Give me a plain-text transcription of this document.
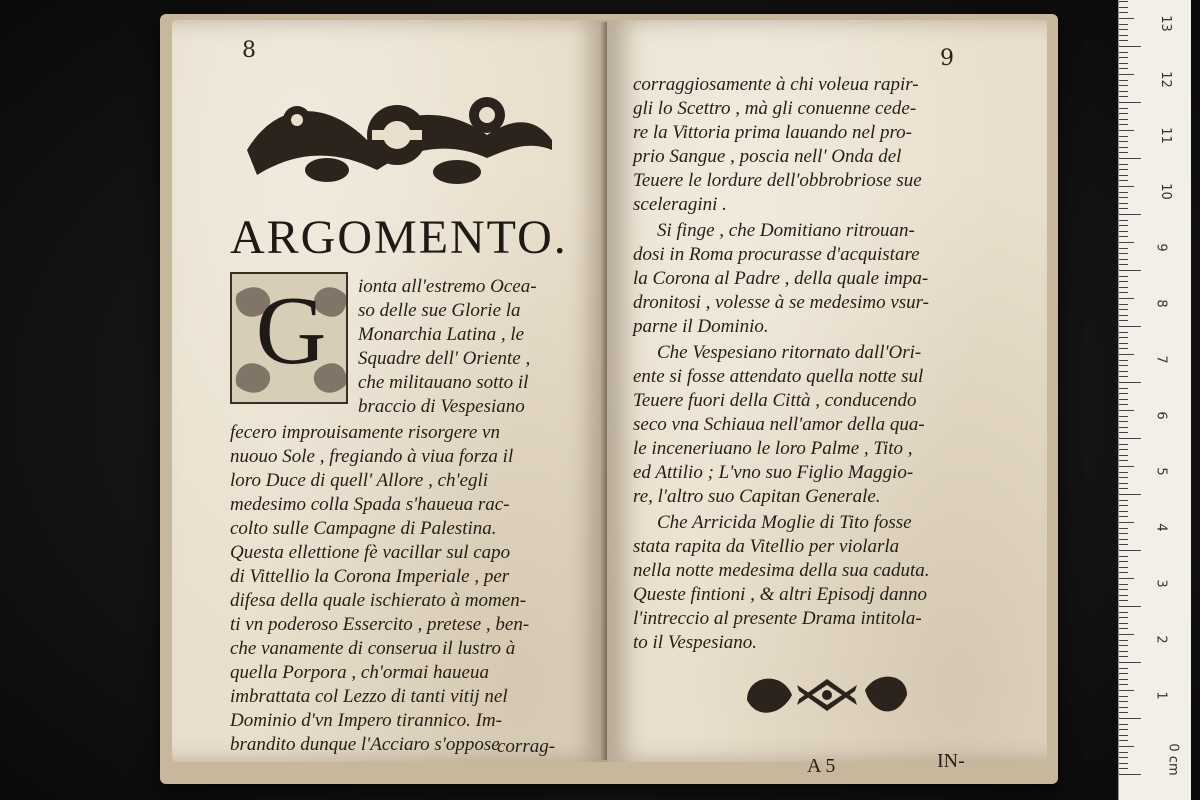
8
ARGOMENTO.
G	ionta all'estremo Ocea-
so delle sue Glorie la
Monarchia Latina , le
Squadre dell' Oriente ,
che militauano sotto il
braccio di Vespesiano
fecero improuisamente risorgere vn
nuouo Sole , fregiando à viua forza il
loro Duce di quell' Allore , ch'egli
medesimo colla Spada s'haueua rac-
colto sulle Campagne di Palestina.
Questa ellettione fè vacillar sul capo
di Vittellio la Corona Imperiale , per
difesa della quale ischierato à momen-
ti vn poderoso Essercito , pretese , ben-
che vanamente di conserua il lustro à
quella Porpora , ch'ormai haueua
imbrattata col Lezzo di tanti vitij nel
Dominio d'vn Impero tirannico. Im-
brandito dunque l'Acciaro s'oppose
corrag-
9
corraggiosamente à chi voleua rapir-
gli lo Scettro , mà gli conuenne cede-
re la Vittoria prima lauando nel pro-
prio Sangue , poscia nell' Onda del
Teuere le lordure dell'obbrobriose sue
sceleragini .
Si finge , che Domitiano ritrouan-
dosi in Roma procurasse d'acquistare
la Corona al Padre , della quale impa-
dronitosi , volesse à se medesimo vsur-
parne il Dominio.
Che Vespesiano ritornato dall'Ori-
ente si fosse attendato quella notte sul
Teuere fuori della Città , conducendo
seco vna Schiaua nell'amor della qua-
le inceneriuano le loro Palme , Tito ,
ed Attilio ; L'vno suo Figlio Maggio-
re, l'altro suo Capitan Generale.
Che Arricida Moglie di Tito fosse
stata rapita da Vitellio per violarla
nella notte medesima della sua caduta.
Queste fintioni , & altri Episodj danno
l'intreccio al presente Drama intitola-
to il Vespesiano.
A 5	IN-	0 cm
1
2
3
4
5
6
7
8
9
10
11
12
13
